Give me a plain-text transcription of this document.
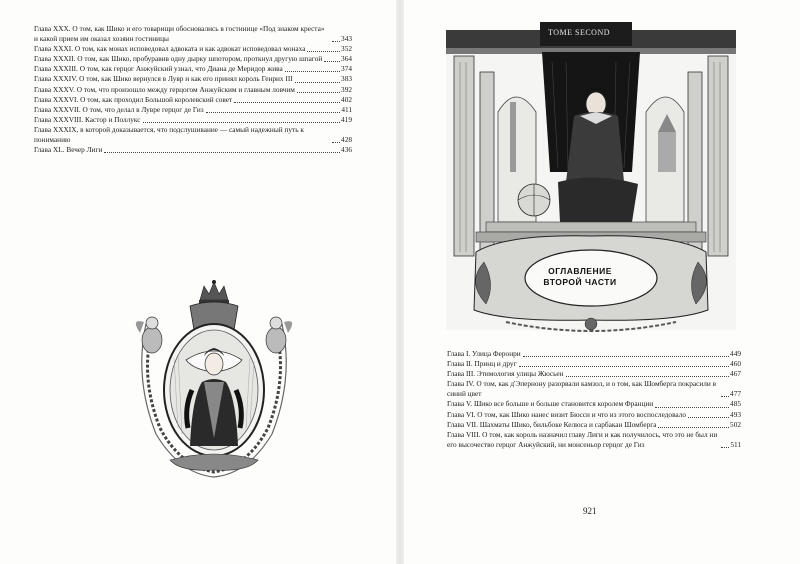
Глава XXX. О том, как Шико и его товарищи обосновались в гостинице «Под знаком креста» и какой прием им оказал хозяин гостиницы	343
Глава XXXI. О том, как монах исповедовал адвоката и как адвокат исповедовал монаха	352
Глава XXXII. О том, как Шико, пробуравив одну дырку шпотором, проткнул другую шпагой	364
Глава XXXIII. О том, как герцог Анжуйский узнал, что Диана де Меридор жива	374
Глава XXXIV. О том, как Шико вернулся в Лувр и как его принял король Генрих III	383
Глава XXXV. О том, что произошло между герцогом Анжуйским и главным ловчим	392
Глава XXXVI. О том, как проходил Большой королевский совет	402
Глава XXXVII. О том, что делал в Лувре герцог де Гиз	411
Глава XXXVIII. Кастор и Поллукс	419
Глава XXXIX, в которой доказывается, что подслушивание — самый надежный путь к пониманию	428
Глава XL. Вечер Лиги	436
TOME SECOND
ОГЛАВЛЕНИЕ
ВТОРОЙ ЧАСТИ
Глава I. Улица Феронри	449
Глава II. Принц и друг	460
Глава III. Этимология улицы Жюсьен	467
Глава IV. О том, как д'Эпернону разорвали камзол, и о том, как Шомберга покрасили в синий цвет	477
Глава V. Шико все больше и больше становится королем Франции	485
Глава VI. О том, как Шико нанес визит Бюсси и что из этого воспоследовало	493
Глава VII. Шахматы Шико, бильбоке Келюса и сарбакан Шомберга	502
Глава VIII. О том, как король назначил главу Лиги и как получилось, что это не был ни его высочество герцог Анжуйский, ни монсеньор герцог де Гиз	511
921
